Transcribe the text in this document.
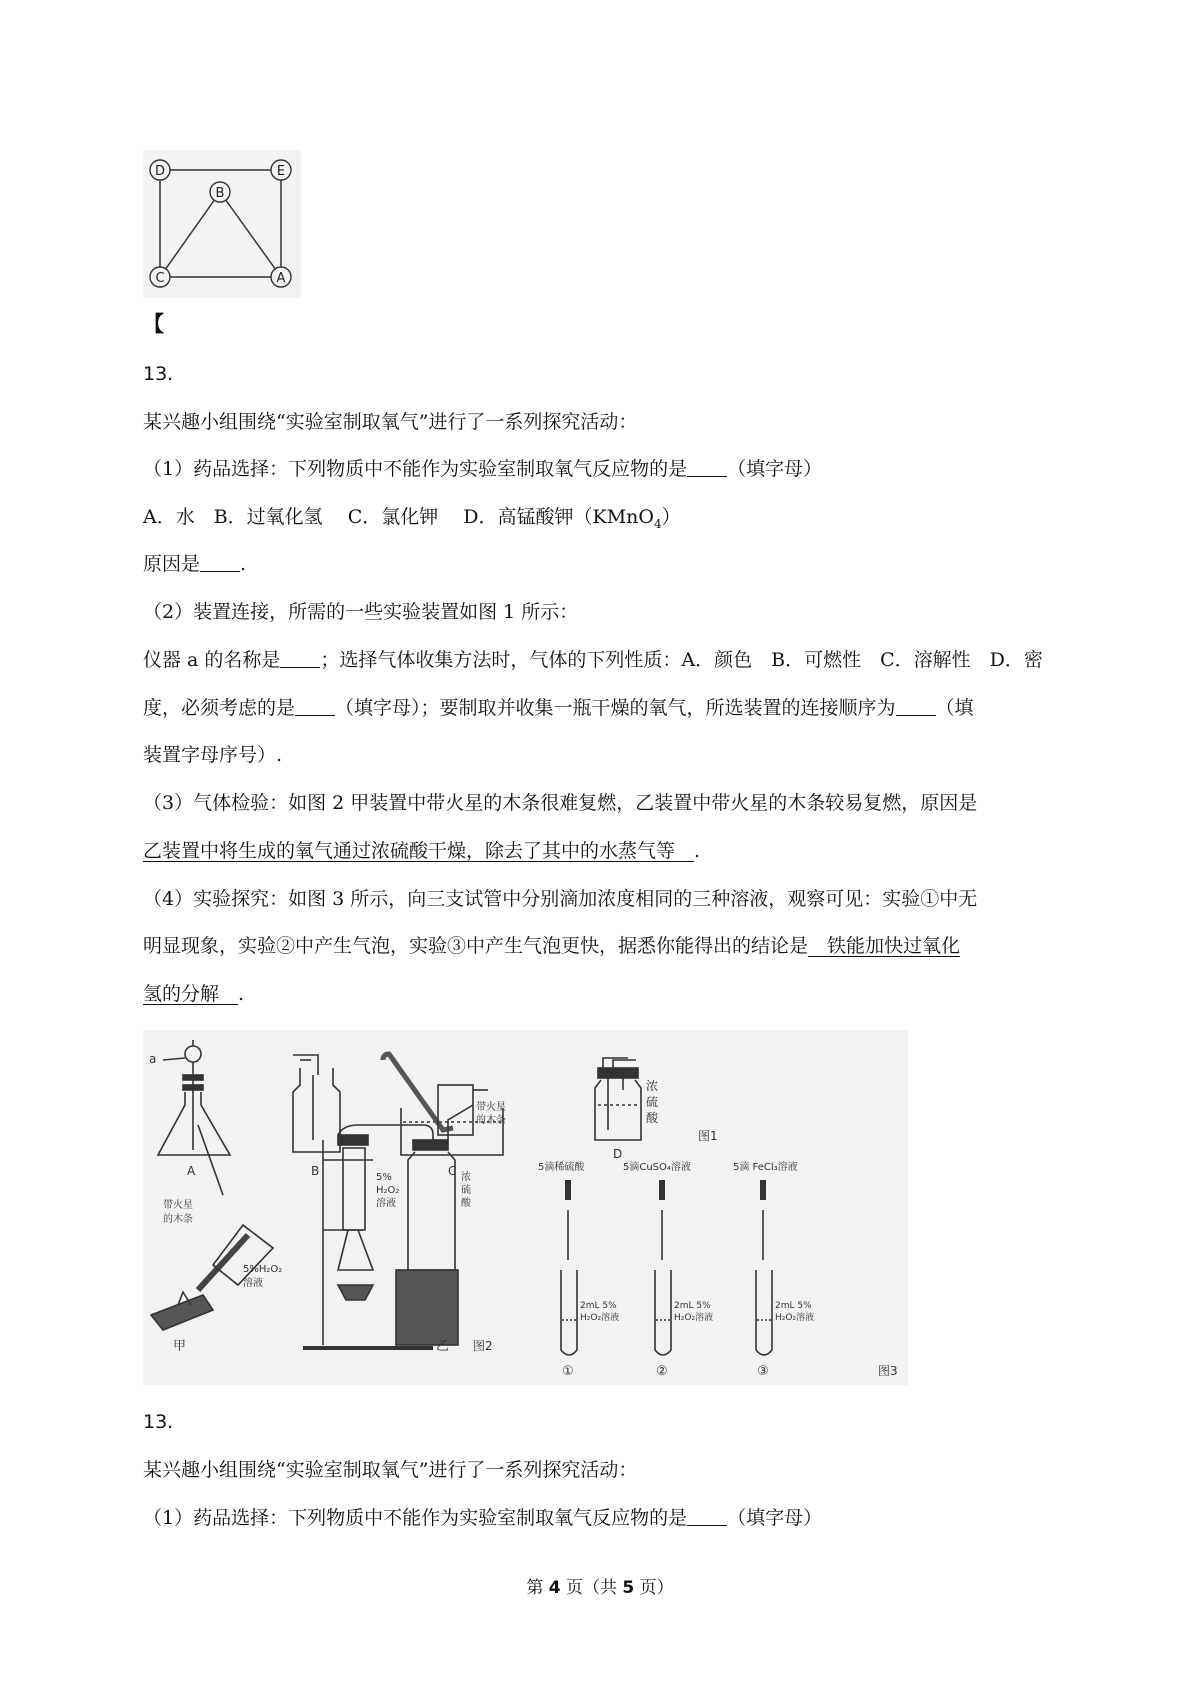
D	E
B
C	A
【
13.
某兴趣小组围绕“实验室制取氧气”进行了一系列探究活动：
（1）药品选择：下列物质中不能作为实验室制取氧气反应物的是 （填字母）
A．水　B．过氧化氢　 C．氯化钾　 D．高锰酸钾（KMnO$_4$）
原因是 .
（2）装置连接，所需的一些实验装置如图 1 所示：
仪器 a 的名称是 ；选择气体收集方法时，气体的下列性质：A．颜色　B．可燃性　C．溶解性　D．密
度，必须考虑的是 （填字母）；要制取并收集一瓶干燥的氧气，所选装置的连接顺序为 （填
装置字母序号）.
（3）气体检验：如图 2 甲装置中带火星的木条很难复燃，乙装置中带火星的木条较易复燃，原因是
乙装置中将生成的氧气通过浓硫酸干燥，除去了其中的水蒸气等　.
（4）实验探究：如图 3 所示，向三支试管中分别滴加浓度相同的三种溶液，观察可见：实验①中无
明显现象，实验②中产生气泡，实验③中产生气泡更快，据悉你能得出的结论是　铁能加快过氧化
氢的分解　.
a
A	B	C
D
浓
硫
酸
图1
带火星
的木条
5%H₂O₂
溶液
甲
5%
H₂O₂
溶液
带火星
的木条
浓
硫
酸
乙 图2
5滴稀硫酸	5滴CuSO₄溶液	5滴 FeCl₃溶液
2mL 5%
H₂O₂溶液
2mL 5%
H₂O₂溶液
2mL 5%
H₂O₂溶液
①	②	③	图3
13.
某兴趣小组围绕“实验室制取氧气”进行了一系列探究活动：
（1）药品选择：下列物质中不能作为实验室制取氧气反应物的是 （填字母）
第 4 页（共 5 页）
